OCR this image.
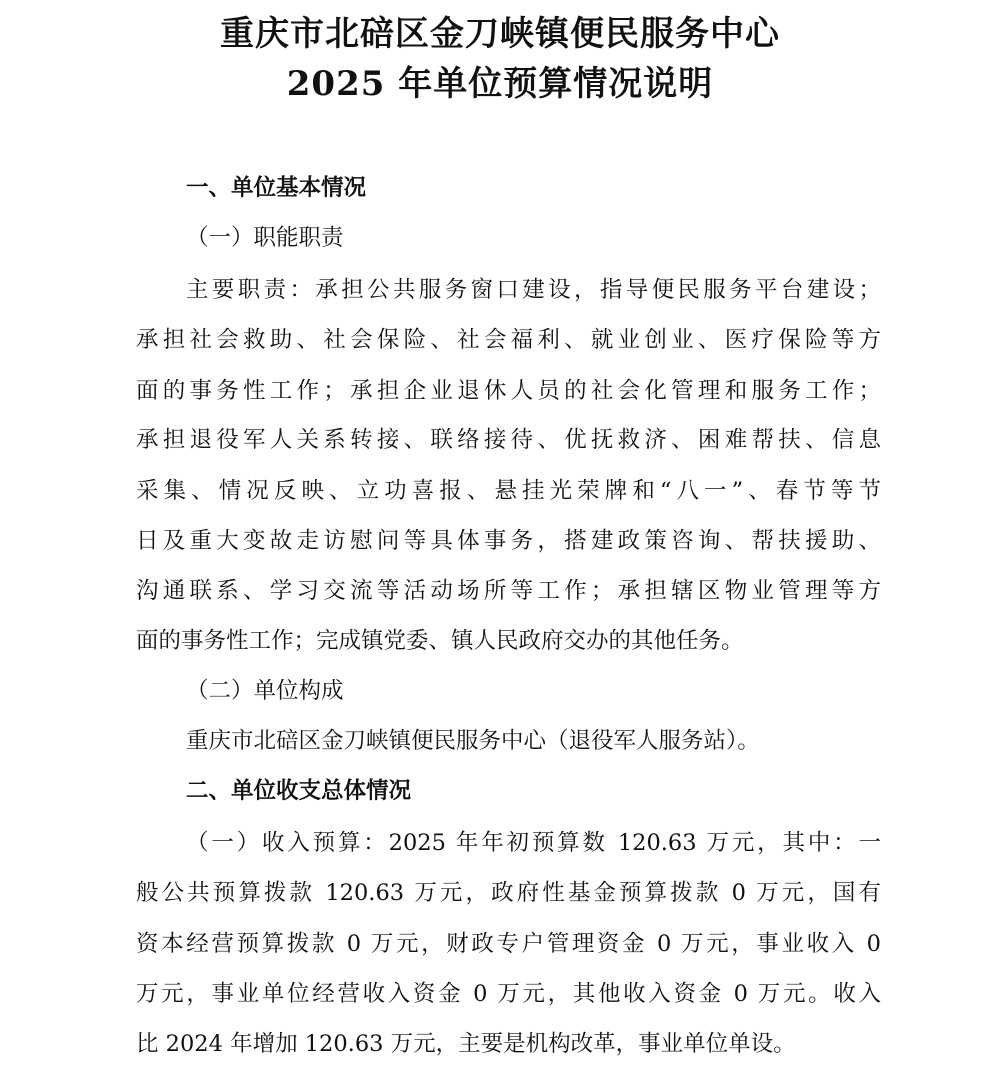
重庆市北碚区金刀峡镇便民服务中心

2025 年单位预算情况说明

一、单位基本情况

（一）职能职责

主要职责：承担公共服务窗口建设，指导便民服务平台建设；

承担社会救助、社会保险、社会福利、就业创业、医疗保险等方

面的事务性工作；承担企业退休人员的社会化管理和服务工作；

承担退役军人关系转接、联络接待、优抚救济、困难帮扶、信息

采集、情况反映、立功喜报、悬挂光荣牌和“八一”、春节等节

日及重大变故走访慰问等具体事务，搭建政策咨询、帮扶援助、

沟通联系、学习交流等活动场所等工作；承担辖区物业管理等方

面的事务性工作；完成镇党委、镇人民政府交办的其他任务。

（二）单位构成

重庆市北碚区金刀峡镇便民服务中心（退役军人服务站）。

二、单位收支总体情况

（一）收入预算：2025 年年初预算数 120.63 万元，其中：一

般公共预算拨款 120.63 万元，政府性基金预算拨款 0 万元，国有

资本经营预算拨款 0 万元，财政专户管理资金 0 万元，事业收入 0

万元，事业单位经营收入资金 0 万元，其他收入资金 0 万元。收入

比 2024 年增加 120.63 万元，主要是机构改革，事业单位单设。
